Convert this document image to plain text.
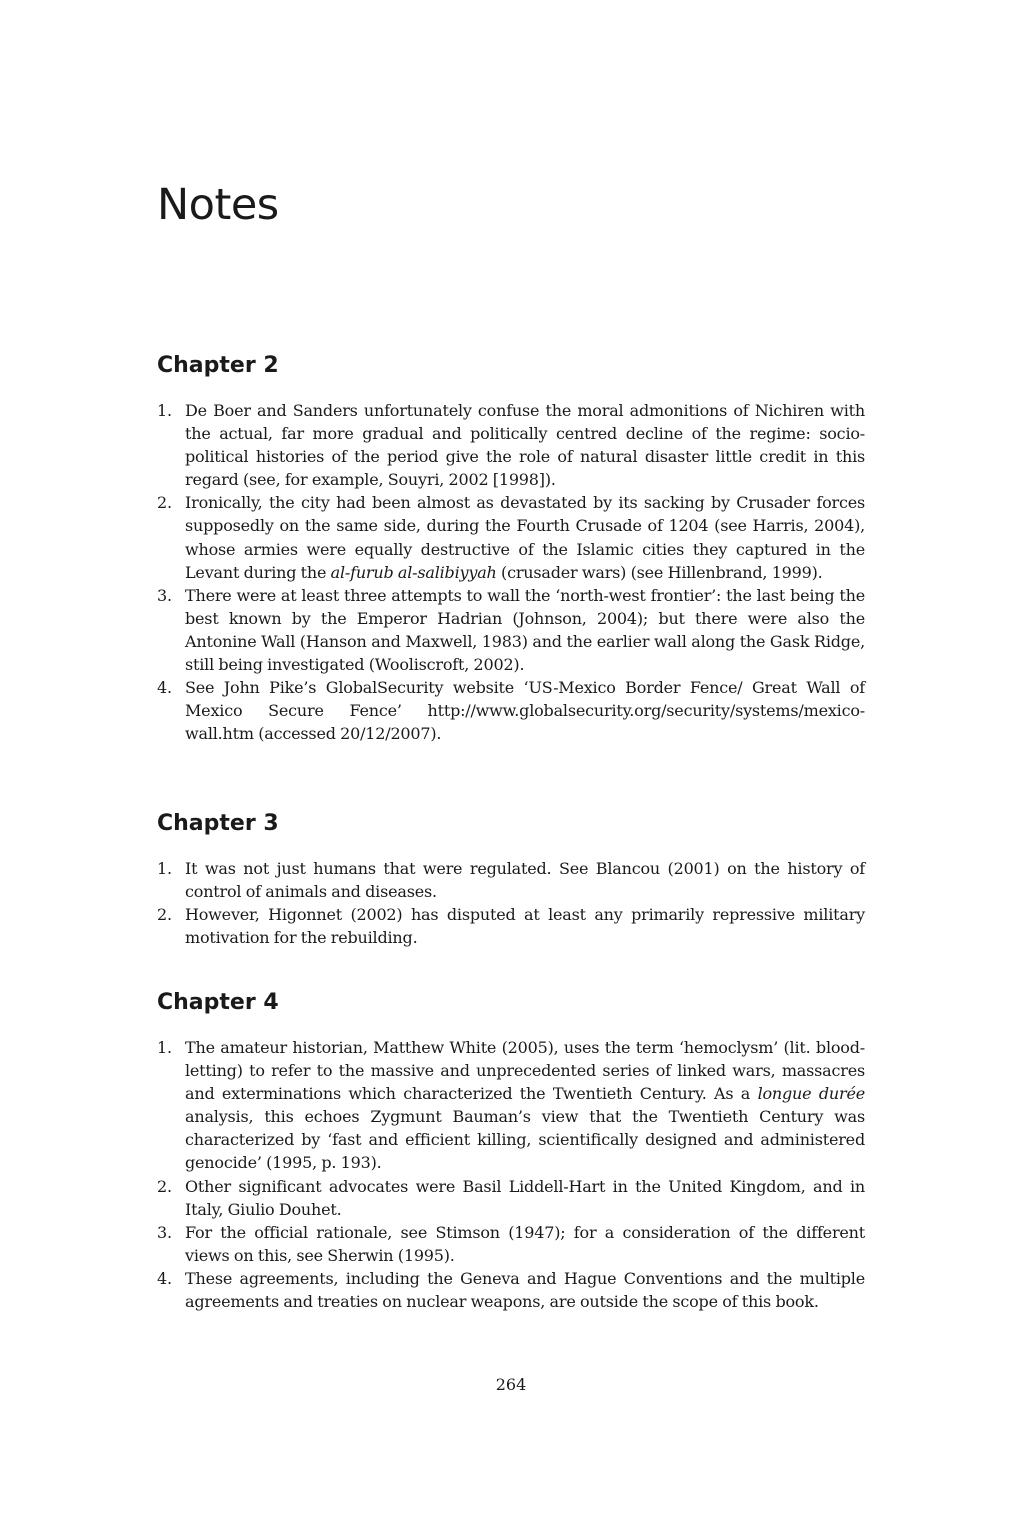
Notes
Chapter 2
1. De Boer and Sanders unfortunately confuse the moral admonitions of Nichiren with the actual, far more gradual and politically centred decline of the regime: socio-political histories of the period give the role of natural disaster little credit in this regard (see, for example, Souyri, 2002 [1998]).
2. Ironically, the city had been almost as devastated by its sacking by Crusader forces supposedly on the same side, during the Fourth Crusade of 1204 (see Harris, 2004), whose armies were equally destructive of the Islamic cities they captured in the Levant during the al-furub al-salibiyyah (crusader wars) (see Hillenbrand, 1999).
3. There were at least three attempts to wall the ‘north-west frontier’: the last being the best known by the Emperor Hadrian (Johnson, 2004); but there were also the Antonine Wall (Hanson and Maxwell, 1983) and the earlier wall along the Gask Ridge, still being investigated (Wooliscroft, 2002).
4. See John Pike’s GlobalSecurity website ‘US-Mexico Border Fence/ Great Wall of Mexico Secure Fence’ http://www.globalsecurity.org/security/systems/mexico-wall.htm (accessed 20/12/2007).
Chapter 3
1. It was not just humans that were regulated. See Blancou (2001) on the history of control of animals and diseases.
2. However, Higonnet (2002) has disputed at least any primarily repressive military motivation for the rebuilding.
Chapter 4
1. The amateur historian, Matthew White (2005), uses the term ‘hemoclysm’ (lit. blood-letting) to refer to the massive and unprecedented series of linked wars, massacres and exterminations which characterized the Twentieth Century. As a longue durée analysis, this echoes Zygmunt Bauman’s view that the Twentieth Century was characterized by ‘fast and efficient killing, scientifically designed and administered genocide’ (1995, p. 193).
2. Other significant advocates were Basil Liddell-Hart in the United Kingdom, and in Italy, Giulio Douhet.
3. For the official rationale, see Stimson (1947); for a consideration of the different views on this, see Sherwin (1995).
4. These agreements, including the Geneva and Hague Conventions and the multiple agreements and treaties on nuclear weapons, are outside the scope of this book.
264
